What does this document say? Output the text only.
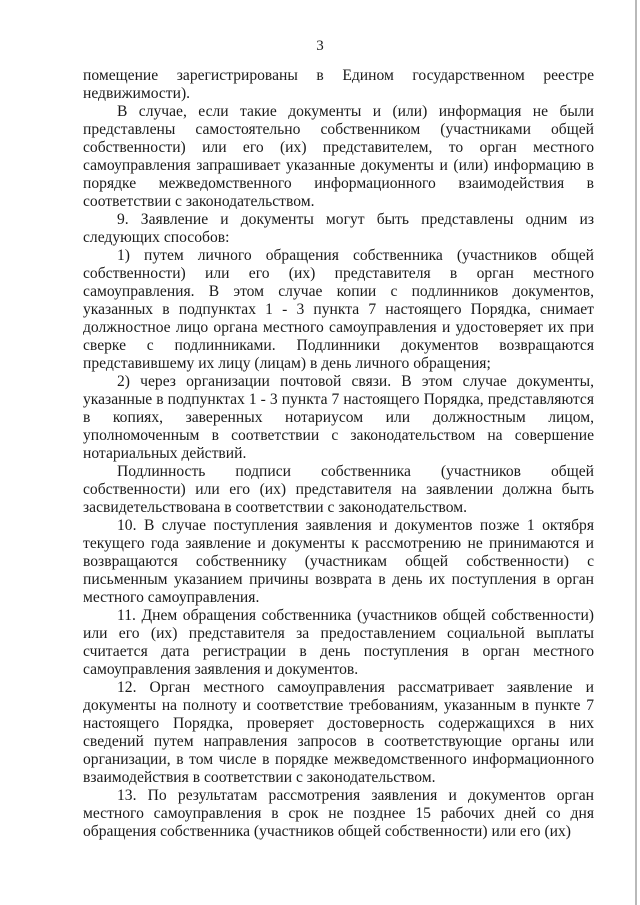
3

помещение зарегистрированы в Едином государственном реестре недвижимости).

В случае, если такие документы и (или) информация не были представлены самостоятельно собственником (участниками общей собственности) или его (их) представителем, то орган местного самоуправления запрашивает указанные документы и (или) информацию в порядке межведомственного информационного взаимодействия в соответствии с законодательством.

9. Заявление и документы могут быть представлены одним из следующих способов:

1) путем личного обращения собственника (участников общей собственности) или его (их) представителя в орган местного самоуправления. В этом случае копии с подлинников документов, указанных в подпунктах 1 - 3 пункта 7 настоящего Порядка, снимает должностное лицо органа местного самоуправления и удостоверяет их при сверке с подлинниками. Подлинники документов возвращаются представившему их лицу (лицам) в день личного обращения;

2) через организации почтовой связи. В этом случае документы, указанные в подпунктах 1 - 3 пункта 7 настоящего Порядка, представляются в копиях, заверенных нотариусом или должностным лицом, уполномоченным в соответствии с законодательством на совершение нотариальных действий.

Подлинность подписи собственника (участников общей собственности) или его (их) представителя на заявлении должна быть засвидетельствована в соответствии с законодательством.

10. В случае поступления заявления и документов позже 1 октября текущего года заявление и документы к рассмотрению не принимаются и возвращаются собственнику (участникам общей собственности) с письменным указанием причины возврата в день их поступления в орган местного самоуправления.

11. Днем обращения собственника (участников общей собственности) или его (их) представителя за предоставлением социальной выплаты считается дата регистрации в день поступления в орган местного самоуправления заявления и документов.

12. Орган местного самоуправления рассматривает заявление и документы на полноту и соответствие требованиям, указанным в пункте 7 настоящего Порядка, проверяет достоверность содержащихся в них сведений путем направления запросов в соответствующие органы или организации, в том числе в порядке межведомственного информационного взаимодействия в соответствии с законодательством.

13. По результатам рассмотрения заявления и документов орган местного самоуправления в срок не позднее 15 рабочих дней со дня обращения собственника (участников общей собственности) или его (их)
